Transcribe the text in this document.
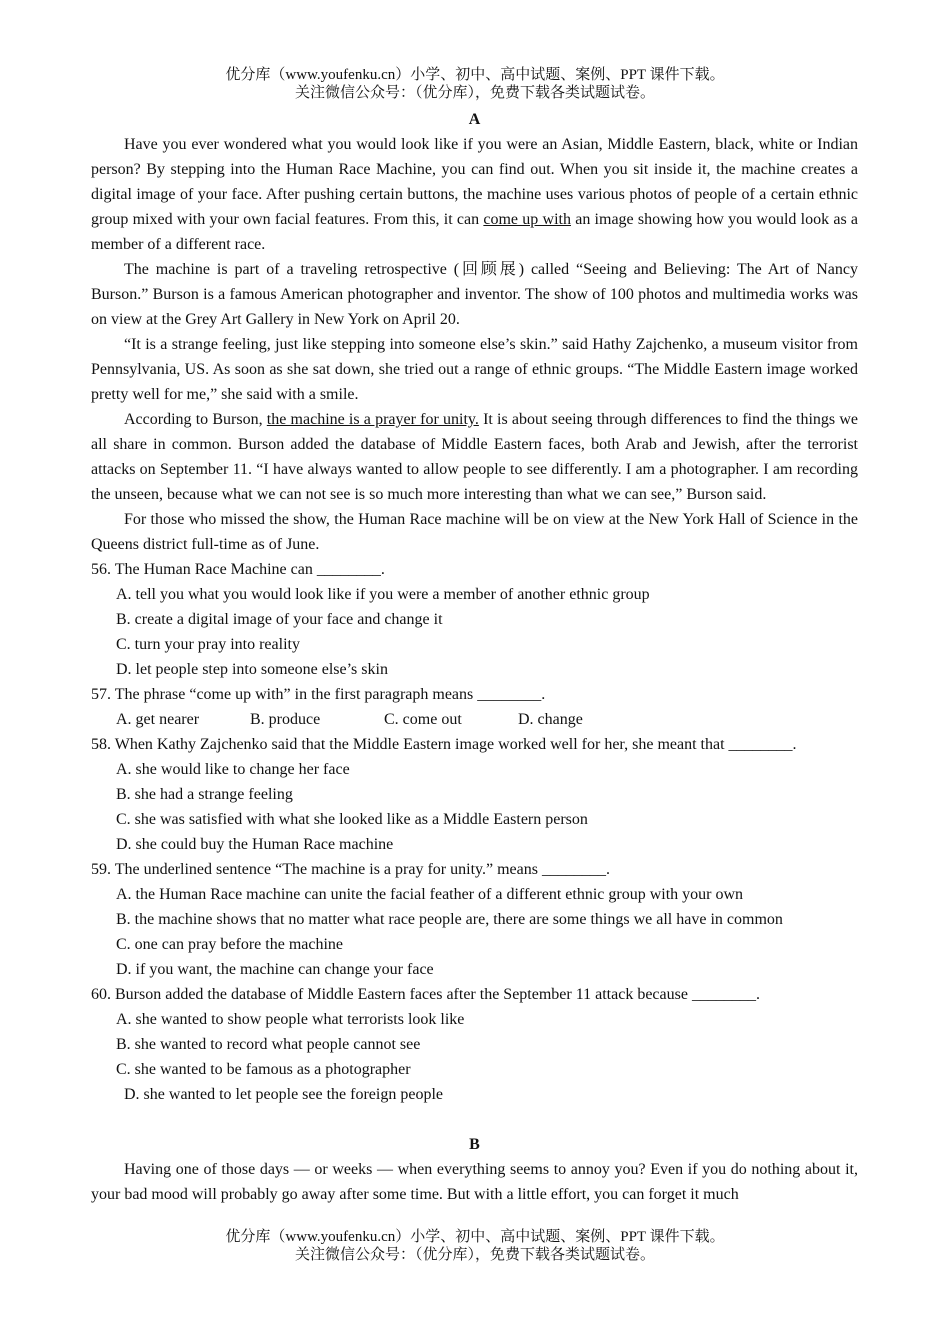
优分库（www.youfenku.cn）小学、初中、高中试题、案例、PPT 课件下载。
关注微信公众号：（优分库），免费下载各类试题试卷。
A
Have you ever wondered what you would look like if you were an Asian, Middle Eastern, black, white or Indian person? By stepping into the Human Race Machine, you can find out. When you sit inside it, the machine creates a digital image of your face. After pushing certain buttons, the machine uses various photos of people of a certain ethnic group mixed with your own facial features. From this, it can come up with an image showing how you would look as a member of a different race.
The machine is part of a traveling retrospective (回顾展) called “Seeing and Believing: The Art of Nancy Burson.” Burson is a famous American photographer and inventor. The show of 100 photos and multimedia works was on view at the Grey Art Gallery in New York on April 20.
“It is a strange feeling, just like stepping into someone else’s skin.” said Hathy Zajchenko, a museum visitor from Pennsylvania, US. As soon as she sat down, she tried out a range of ethnic groups. “The Middle Eastern image worked pretty well for me,” she said with a smile.
According to Burson, the machine is a prayer for unity. It is about seeing through differences to find the things we all share in common. Burson added the database of Middle Eastern faces, both Arab and Jewish, after the terrorist attacks on September 11. “I have always wanted to allow people to see differently. I am a photographer. I am recording the unseen, because what we can not see is so much more interesting than what we can see,” Burson said.
For those who missed the show, the Human Race machine will be on view at the New York Hall of Science in the Queens district full-time as of June.
56. The Human Race Machine can ________.
A. tell you what you would look like if you were a member of another ethnic group
B. create a digital image of your face and change it
C. turn your pray into reality
D. let people step into someone else’s skin
57. The phrase “come up with” in the first paragraph means ________.
A. get nearer	B. produce	C. come out	D. change
58. When Kathy Zajchenko said that the Middle Eastern image worked well for her, she meant that ________.
A. she would like to change her face
B. she had a strange feeling
C. she was satisfied with what she looked like as a Middle Eastern person
D. she could buy the Human Race machine
59. The underlined sentence “The machine is a pray for unity.” means ________.
A. the Human Race machine can unite the facial feather of a different ethnic group with your own
B. the machine shows that no matter what race people are, there are some things we all have in common
C. one can pray before the machine
D. if you want, the machine can change your face
60. Burson added the database of Middle Eastern faces after the September 11 attack because ________.
A. she wanted to show people what terrorists look like
B. she wanted to record what people cannot see
C. she wanted to be famous as a photographer
D. she wanted to let people see the foreign people
B
Having one of those days — or weeks — when everything seems to annoy you? Even if you do nothing about it, your bad mood will probably go away after some time. But with a little effort, you can forget it much
优分库（www.youfenku.cn）小学、初中、高中试题、案例、PPT 课件下载。
关注微信公众号：（优分库），免费下载各类试题试卷。
